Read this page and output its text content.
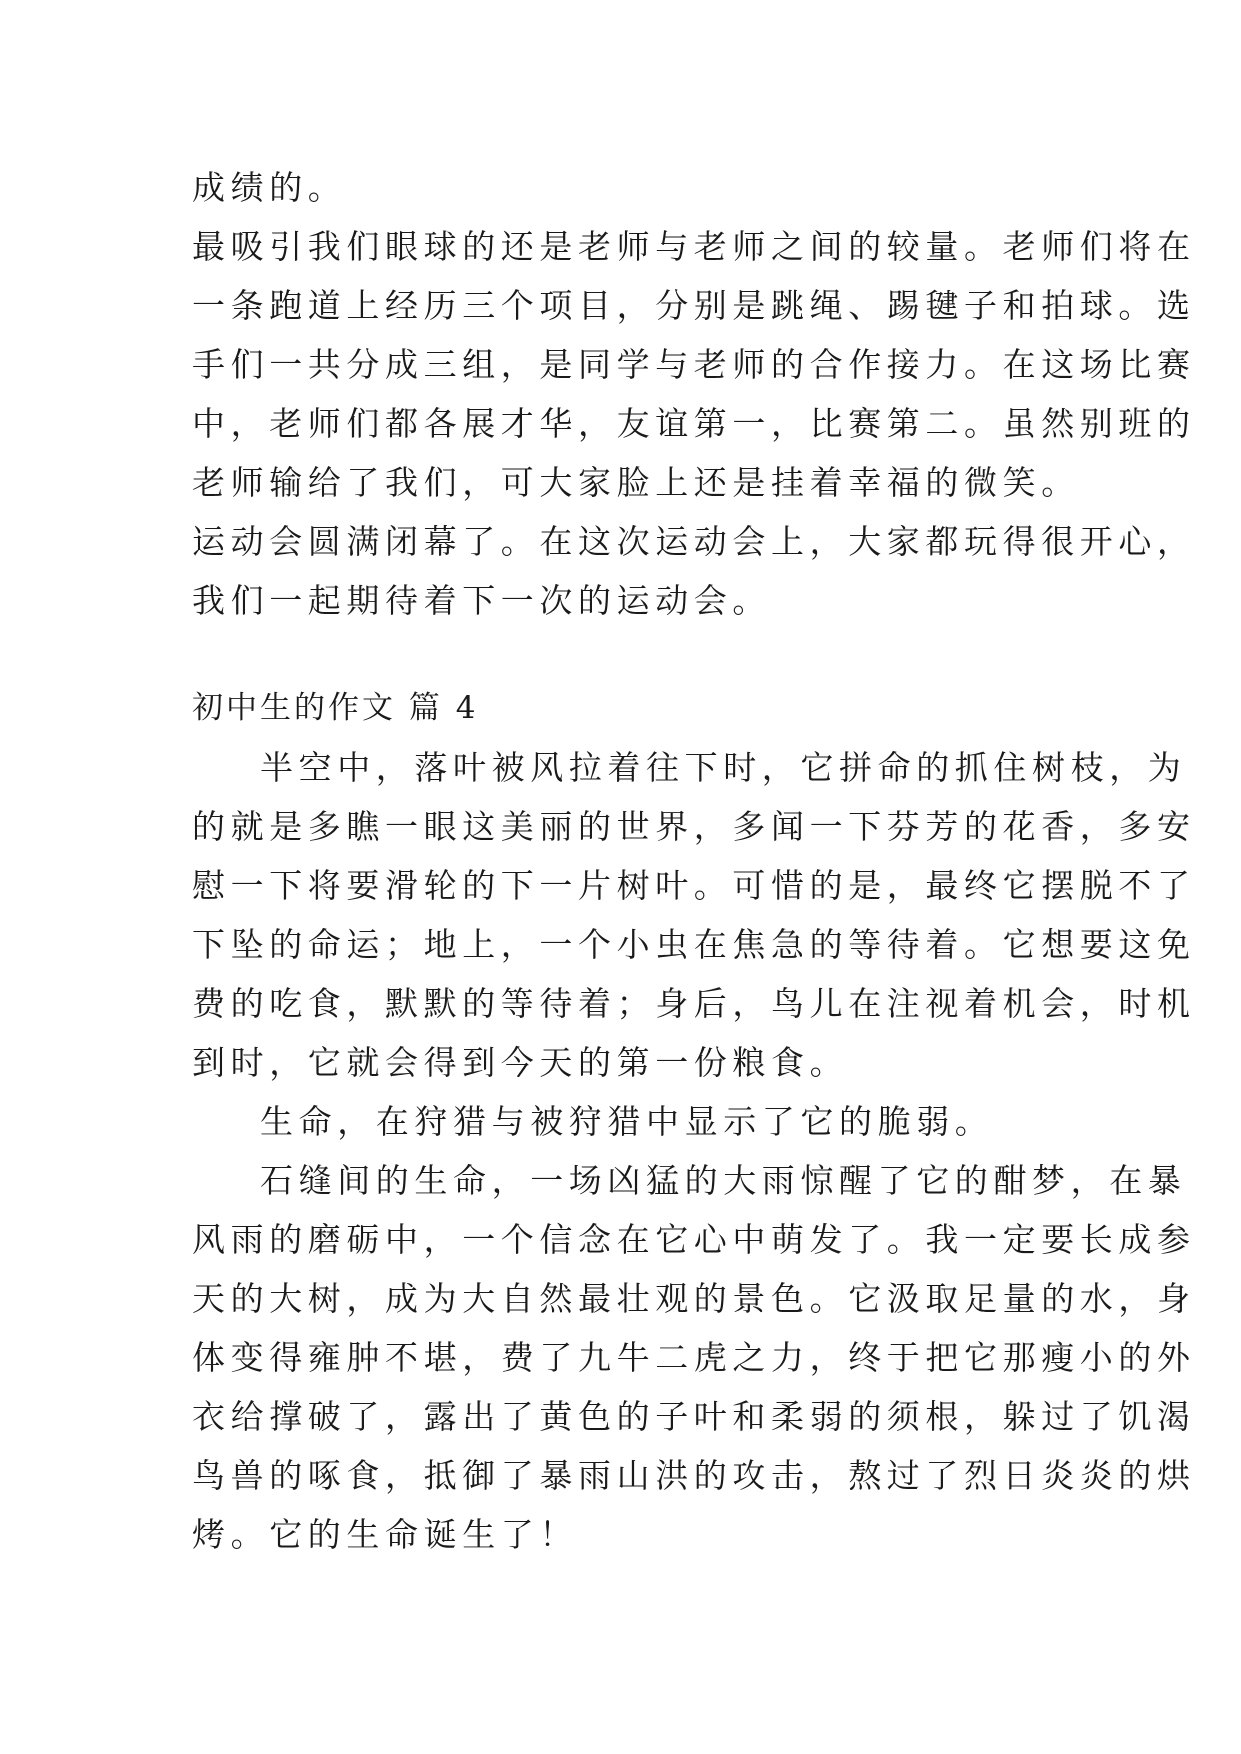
成绩的。
最吸引我们眼球的还是老师与老师之间的较量。老师们将在
一条跑道上经历三个项目，分别是跳绳、踢毽子和拍球。选
手们一共分成三组，是同学与老师的合作接力。在这场比赛
中，老师们都各展才华，友谊第一，比赛第二。虽然别班的
老师输给了我们，可大家脸上还是挂着幸福的微笑。
运动会圆满闭幕了。在这次运动会上，大家都玩得很开心，
我们一起期待着下一次的运动会。
初中生的作文 篇 4
半空中，落叶被风拉着往下时，它拼命的抓住树枝，为
的就是多瞧一眼这美丽的世界，多闻一下芬芳的花香，多安
慰一下将要滑轮的下一片树叶。可惜的是，最终它摆脱不了
下坠的命运；地上，一个小虫在焦急的等待着。它想要这免
费的吃食，默默的等待着；身后，鸟儿在注视着机会，时机
到时，它就会得到今天的第一份粮食。
生命，在狩猎与被狩猎中显示了它的脆弱。
石缝间的生命，一场凶猛的大雨惊醒了它的酣梦，在暴
风雨的磨砺中，一个信念在它心中萌发了。我一定要长成参
天的大树，成为大自然最壮观的景色。它汲取足量的水，身
体变得雍肿不堪，费了九牛二虎之力，终于把它那瘦小的外
衣给撑破了，露出了黄色的子叶和柔弱的须根，躲过了饥渴
鸟兽的啄食，抵御了暴雨山洪的攻击，熬过了烈日炎炎的烘
烤。它的生命诞生了！
